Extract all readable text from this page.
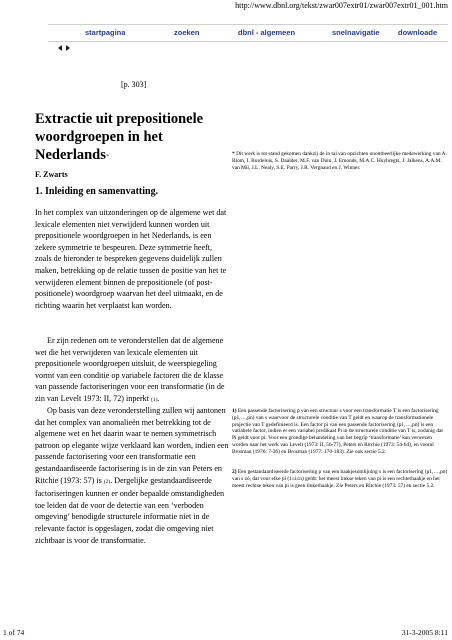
http://www.dbnl.org/tekst/zwar007extr01/zwar007extr01_001.htm
startpagina	zoeken	dbnl - algemeen	snelnavigatie downloade
[p. 303]
Extractie uit prepositionele
woordgroepen in het
Nederlands*
F. Zwarts
1. Inleiding en samenvatting.

In het complex van uitzonderingen op de algemene wet dat lexicale elementen niet verwijderd kunnen worden uit prepositionele woordgroepen in het Nederlands, is een zekere symmetrie te bespeuren. Deze symmetrie heeft, zoals de hieronder te bespreken gegevens duidelijk zullen maken, betrekking op de relatie tussen de positie van het te verwijderen element binnen de prepositionele (of post-positionele) woordgroep waarvan het deel uitmaakt, en de richting waarin het verplaatst kan worden.

Er zijn redenen om te veronderstellen dat de algemene wet die het verwijderen van lexicale elementen uit prepositionele woordgroepen uitsluit, de weerspiegeling vormt van een conditie op variabele factoren die de klasse van passende factoriseringen voor een transformatie (in de zin van Levelt 1973: II, 72) inperkt (1).

Op basis van deze veronderstelling zullen wij aantonen dat het complex van anomalieën met betrekking tot de algemene wet en het daarin waar te nemen symmetrisch patroon op elegante wijze verklaard kan worden, indien een passende factorisering voor een transformatie een gestandaardiseerde factorisering is in de zin van Peters en Ritchie (1973: 57) is (2). Dergelijke gestandaardiseerde factoriseringen kunnen er onder bepaalde omstandigheden toe leiden dat de voor de detectie van een ‘verboden omgeving’ benodigde structurele informatie niet in de relevante factor is opgeslagen, zodat die omgeving niet zichtbaar is voor de transformatie.

* Dit werk is tot stand gekomen dankzij de in tal van opzichten onontbeerlijke medewerking van A. Blom, I. Bordelois, S. Daalder, M.F. van Duin, J. Emonds, M.A.C. Huybregts, J. Jalkens, A.A.M. van Mil, J.L. Nealy, S.E. Parry, J.R. Vergnaud en J. Winner.
1) Een passende factorisering p van een structuur s voor een transformatie T is een factorisering (p1,…,pn) van s waarvoor de structurele conditie van T geldt en waarop de transformationele projectie van T gedefinieerd is. Een factor pi van een passende factorisering (p1,…,pn) is een variabele factor, indien er een variabel predikaat Pi in de structurele conditie van T is, zodanig dat Pi geldt voor pi. Voor een grondige behandeling van het begrip ‘transformatie’ kan verwezen worden naar het werk van Levelt (1973: II, 56-77), Peters en Ritchie (1973: 54-64), en vooral Brosman (1976: 7-36) en Brosman (1977: 170-183). Zie ook sectie 5.2.
2) Een gestandaardiseerde factorisering p van een baakjesomlijning s is een factorisering (p1,…,pn) van s zó, dat voor elke pi (1≤i≤n) geldt: het meest linkse teken van pi is een rechterhaakje en het meest rechtse teken van pi is geen linkerhaakje. Zie Peters en Ritchie (1973: 57) en sectie 5.2.
1 of 74	31-3-2005 8:11
